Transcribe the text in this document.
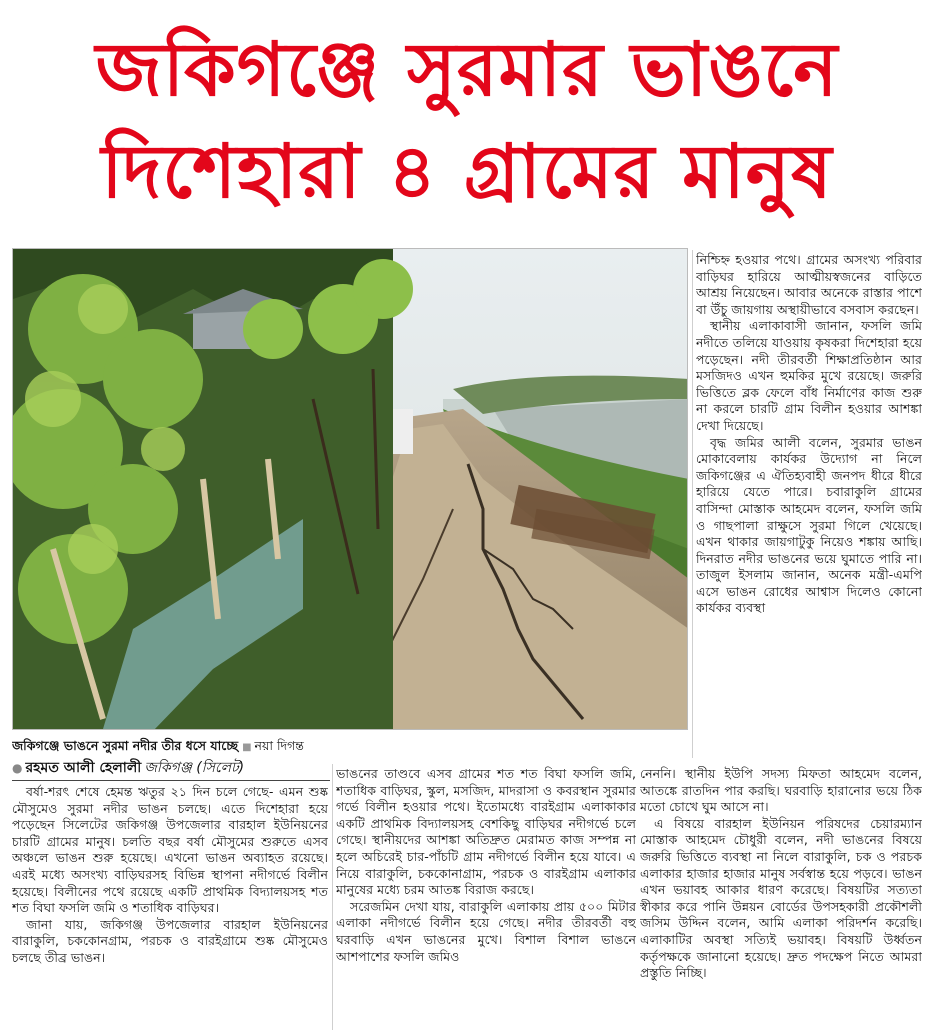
জকিগঞ্জে সুরমার ভাঙনে
দিশেহারা ৪ গ্রামের মানুষ
জকিগঞ্জে ভাঙনে সুরমা নদীর তীর ধসে যাচ্ছে ■ নয়া দিগন্ত
● রহমত আলী হেলালী জকিগঞ্জ (সিলেট)

নিশ্চিহ্ন হওয়ার পথে। গ্রামের অসংখ্য পরিবার বাড়িঘর হারিয়ে আত্মীয়স্বজনের বাড়িতে আশ্রয় নিয়েছেন। আবার অনেকে রাস্তার পাশে বা উঁচু জায়গায় অস্থায়ীভাবে বসবাস করছেন।

স্থানীয় এলাকাবাসী জানান, ফসলি জমি নদীতে তলিয়ে যাওয়ায় কৃষকরা দিশেহারা হয়ে পড়েছেন। নদী তীরবর্তী শিক্ষাপ্রতিষ্ঠান আর মসজিদও এখন হুমকির মুখে রয়েছে। জরুরি ভিত্তিতে ব্লক ফেলে বাঁধ নির্মাণের কাজ শুরু না করলে চারটি গ্রাম বিলীন হওয়ার আশঙ্কা দেখা দিয়েছে।

বৃদ্ধ জমির আলী বলেন, সুরমার ভাঙন মোকাবেলায় কার্যকর উদ্যোগ না নিলে জকিগঞ্জের এ ঐতিহ্যবাহী জনপদ ধীরে ধীরে হারিয়ে যেতে পারে। চবারাকুলি গ্রামের বাসিন্দা মোস্তাক আহমেদ বলেন, ফসলি জমি ও গাছপালা রাক্ষুসে সুরমা গিলে খেয়েছে। এখন থাকার জায়গাটুকু নিয়েও শঙ্কায় আছি। দিনরাত নদীর ভাঙনের ভয়ে ঘুমাতে পারি না। তাজুল ইসলাম জানান, অনেক মন্ত্রী-এমপি এসে ভাঙন রোধের আশ্বাস দিলেও কোনো কার্যকর ব্যবস্থা

বর্ষা-শরৎ শেষে হেমন্ত ঋতুর ২১ দিন চলে গেছে- এমন শুষ্ক মৌসুমেও সুরমা নদীর ভাঙন চলছে। এতে দিশেহারা হয়ে পড়েছেন সিলেটের জকিগঞ্জ উপজেলার বারহাল ইউনিয়নের চারটি গ্রামের মানুষ। চলতি বছর বর্ষা মৌসুমের শুরুতে এসব অঞ্চলে ভাঙন শুরু হয়েছে। এখনো ভাঙন অব্যাহত রয়েছে। এরই মধ্যে অসংখ্য বাড়িঘরসহ বিভিন্ন স্থাপনা নদীগর্ভে বিলীন হয়েছে। বিলীনের পথে রয়েছে একটি প্রাথমিক বিদ্যালয়সহ শত শত বিঘা ফসলি জমি ও শতাধিক বাড়িঘর।

জানা যায়, জকিগঞ্জ উপজেলার বারহাল ইউনিয়নের বারাকুলি, চককোনগ্রাম, পরচক ও বারইগ্রামে শুষ্ক মৌসুমেও চলছে তীব্র ভাঙন।

ভাঙনের তাণ্ডবে এসব গ্রামের শত শত বিঘা ফসলি জমি, শতাধিক বাড়িঘর, স্কুল, মসজিদ, মাদরাসা ও কবরস্থান সুরমার গর্ভে বিলীন হওয়ার পথে। ইতোমধ্যে বারইগ্রাম এলাকাকার একটি প্রাথমিক বিদ্যালয়সহ বেশকিছু বাড়িঘর নদীগর্ভে চলে গেছে। স্থানীয়দের আশঙ্কা অতিদ্রুত মেরামত কাজ সম্পন্ন না হলে অচিরেই চার-পাঁচটি গ্রাম নদীগর্ভে বিলীন হয়ে যাবে। এ নিয়ে বারাকুলি, চককোনাগ্রাম, পরচক ও বারইগ্রাম এলাকার মানুষের মধ্যে চরম আতঙ্ক বিরাজ করছে।

সরেজমিন দেখা যায়, বারাকুলি এলাকায় প্রায় ৫০০ মিটার এলাকা নদীগর্ভে বিলীন হয়ে গেছে। নদীর তীরবর্তী বহু ঘরবাড়ি এখন ভাঙনের মুখে। বিশাল বিশাল ভাঙনে আশপাশের ফসলি জমিও

নেননি। স্থানীয় ইউপি সদস্য মিফতা আহমেদ বলেন, আতঙ্কে রাতদিন পার করছি। ঘরবাড়ি হারানোর ভয়ে ঠিক মতো চোখে ঘুম আসে না।

এ বিষয়ে বারহাল ইউনিয়ন পরিষদের চেয়ারম্যান মোস্তাক আহমেদ চৌধুরী বলেন, নদী ভাঙনের বিষয়ে জরুরি ভিত্তিতে ব্যবস্থা না নিলে বারাকুলি, চক ও পরচক এলাকার হাজার হাজার মানুষ সর্বস্বান্ত হয়ে পড়বে। ভাঙন এখন ভয়াবহ আকার ধারণ করেছে। বিষয়টির সত্যতা স্বীকার করে পানি উন্নয়ন বোর্ডের উপসহকারী প্রকৌশলী জসিম উদ্দিন বলেন, আমি এলাকা পরিদর্শন করেছি। এলাকাটির অবস্থা সত্যিই ভয়াবহ। বিষয়টি উর্ধ্বতন কর্তৃপক্ষকে জানানো হয়েছে। দ্রুত পদক্ষেপ নিতে আমরা প্রস্তুতি নিচ্ছি।
